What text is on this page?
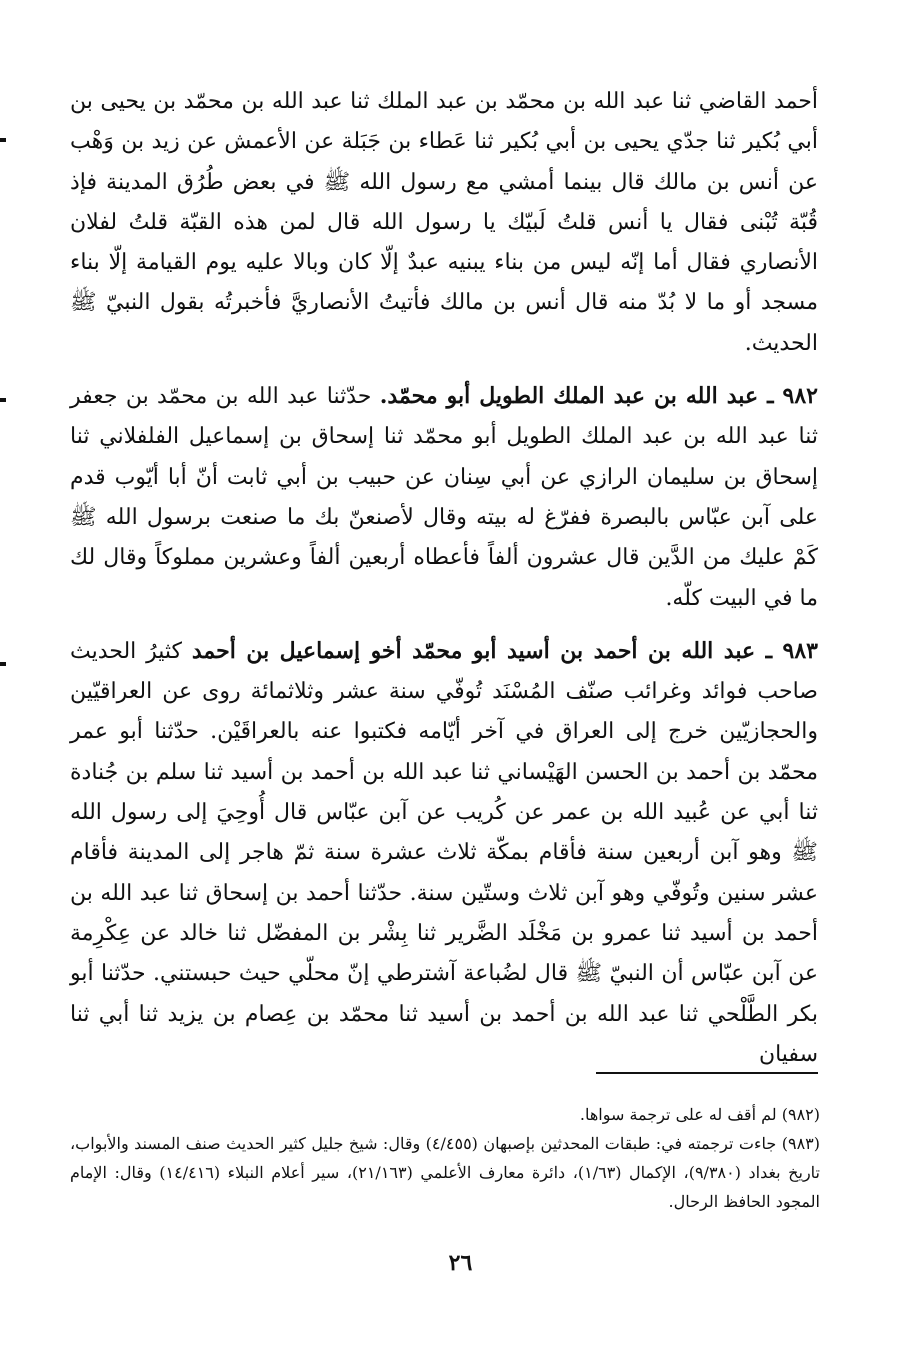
أحمد القاضي ثنا عبد الله بن محمّد بن عبد الملك ثنا عبد الله بن محمّد بن يحيى بن أبي بُكير ثنا جدّي يحيى بن أبي بُكير ثنا عَطاء بن جَبَلة عن الأعمش عن زيد بن وَهْب عن أنس بن مالك قال بينما أمشي مع رسول الله ﷺ في بعض طُرُق المدينة فإذ قُبّة تُبْنى فقال يا أنس قلتُ لَبيّك يا رسول الله قال لمن هذه القبّة قلتُ لفلان الأنصاري فقال أما إنّه ليس من بناء يبنيه عبدٌ إلّا كان وبالا عليه يوم القيامة إلّا بناء مسجد أو ما لا بُدّ منه قال أنس بن مالك فأتيتُ الأنصاريَّ فأخبرتُه بقول النبيّ ﷺ الحديث.

٩٨٢ ـ عبد الله بن عبد الملك الطويل أبو محمّد. حدّثنا عبد الله بن محمّد بن جعفر ثنا عبد الله بن عبد الملك الطويل أبو محمّد ثنا إسحاق بن إسماعيل الفلفلاني ثنا إسحاق بن سليمان الرازي عن أبي سِنان عن حبيب بن أبي ثابت أنّ أبا أيّوب قدم على آبن عبّاس بالبصرة ففرّغ له بيته وقال لأصنعنّ بك ما صنعت برسول الله ﷺ كَمْ عليك من الدَّين قال عشرون ألفاً فأعطاه أربعين ألفاً وعشرين مملوكاً وقال لك ما في البيت كلّه.

٩٨٣ ـ عبد الله بن أحمد بن أسيد أبو محمّد أخو إسماعيل بن أحمد كثيرُ الحديث صاحب فوائد وغرائب صنّف المُسْنَد تُوفّي سنة عشر وثلاثمائة روى عن العراقيّين والحجازيّين خرج إلى العراق في آخر أيّامه فكتبوا عنه بالعراقَيْن. حدّثنا أبو عمر محمّد بن أحمد بن الحسن الهَيْساني ثنا عبد الله بن أحمد بن أسيد ثنا سلم بن جُنادة ثنا أبي عن عُبيد الله بن عمر عن كُريب عن آبن عبّاس قال أُوحِيَ إلى رسول الله ﷺ وهو آبن أربعين سنة فأقام بمكّة ثلاث عشرة سنة ثمّ هاجر إلى المدينة فأقام عشر سنين وتُوفّي وهو آبن ثلاث وستّين سنة. حدّثنا أحمد بن إسحاق ثنا عبد الله بن أحمد بن أسيد ثنا عمرو بن مَخْلَد الضَّرير ثنا بِشْر بن المفضّل ثنا خالد عن عِكْرِمة عن آبن عبّاس أن النبيّ ﷺ قال لضُباعة آشترطي إنّ محلّي حيث حبستني. حدّثنا أبو بكر الطَّلْحي ثنا عبد الله بن أحمد بن أسيد ثنا محمّد بن عِصام بن يزيد ثنا أبي ثنا سفيان

(٩٨٢) لم أقف له على ترجمة سواها.

(٩٨٣) جاءت ترجمته في: طبقات المحدثين بإصبهان (٤/٤٥٥) وقال: شيخ جليل كثير الحديث صنف المسند والأبواب، تاريخ بغداد (٩/٣٨٠)، الإكمال (١/٦٣)، دائرة معارف الأعلمي (٢١/١٦٣)، سير أعلام النبلاء (١٤/٤١٦) وقال: الإمام المجود الحافظ الرحال.

٢٦
